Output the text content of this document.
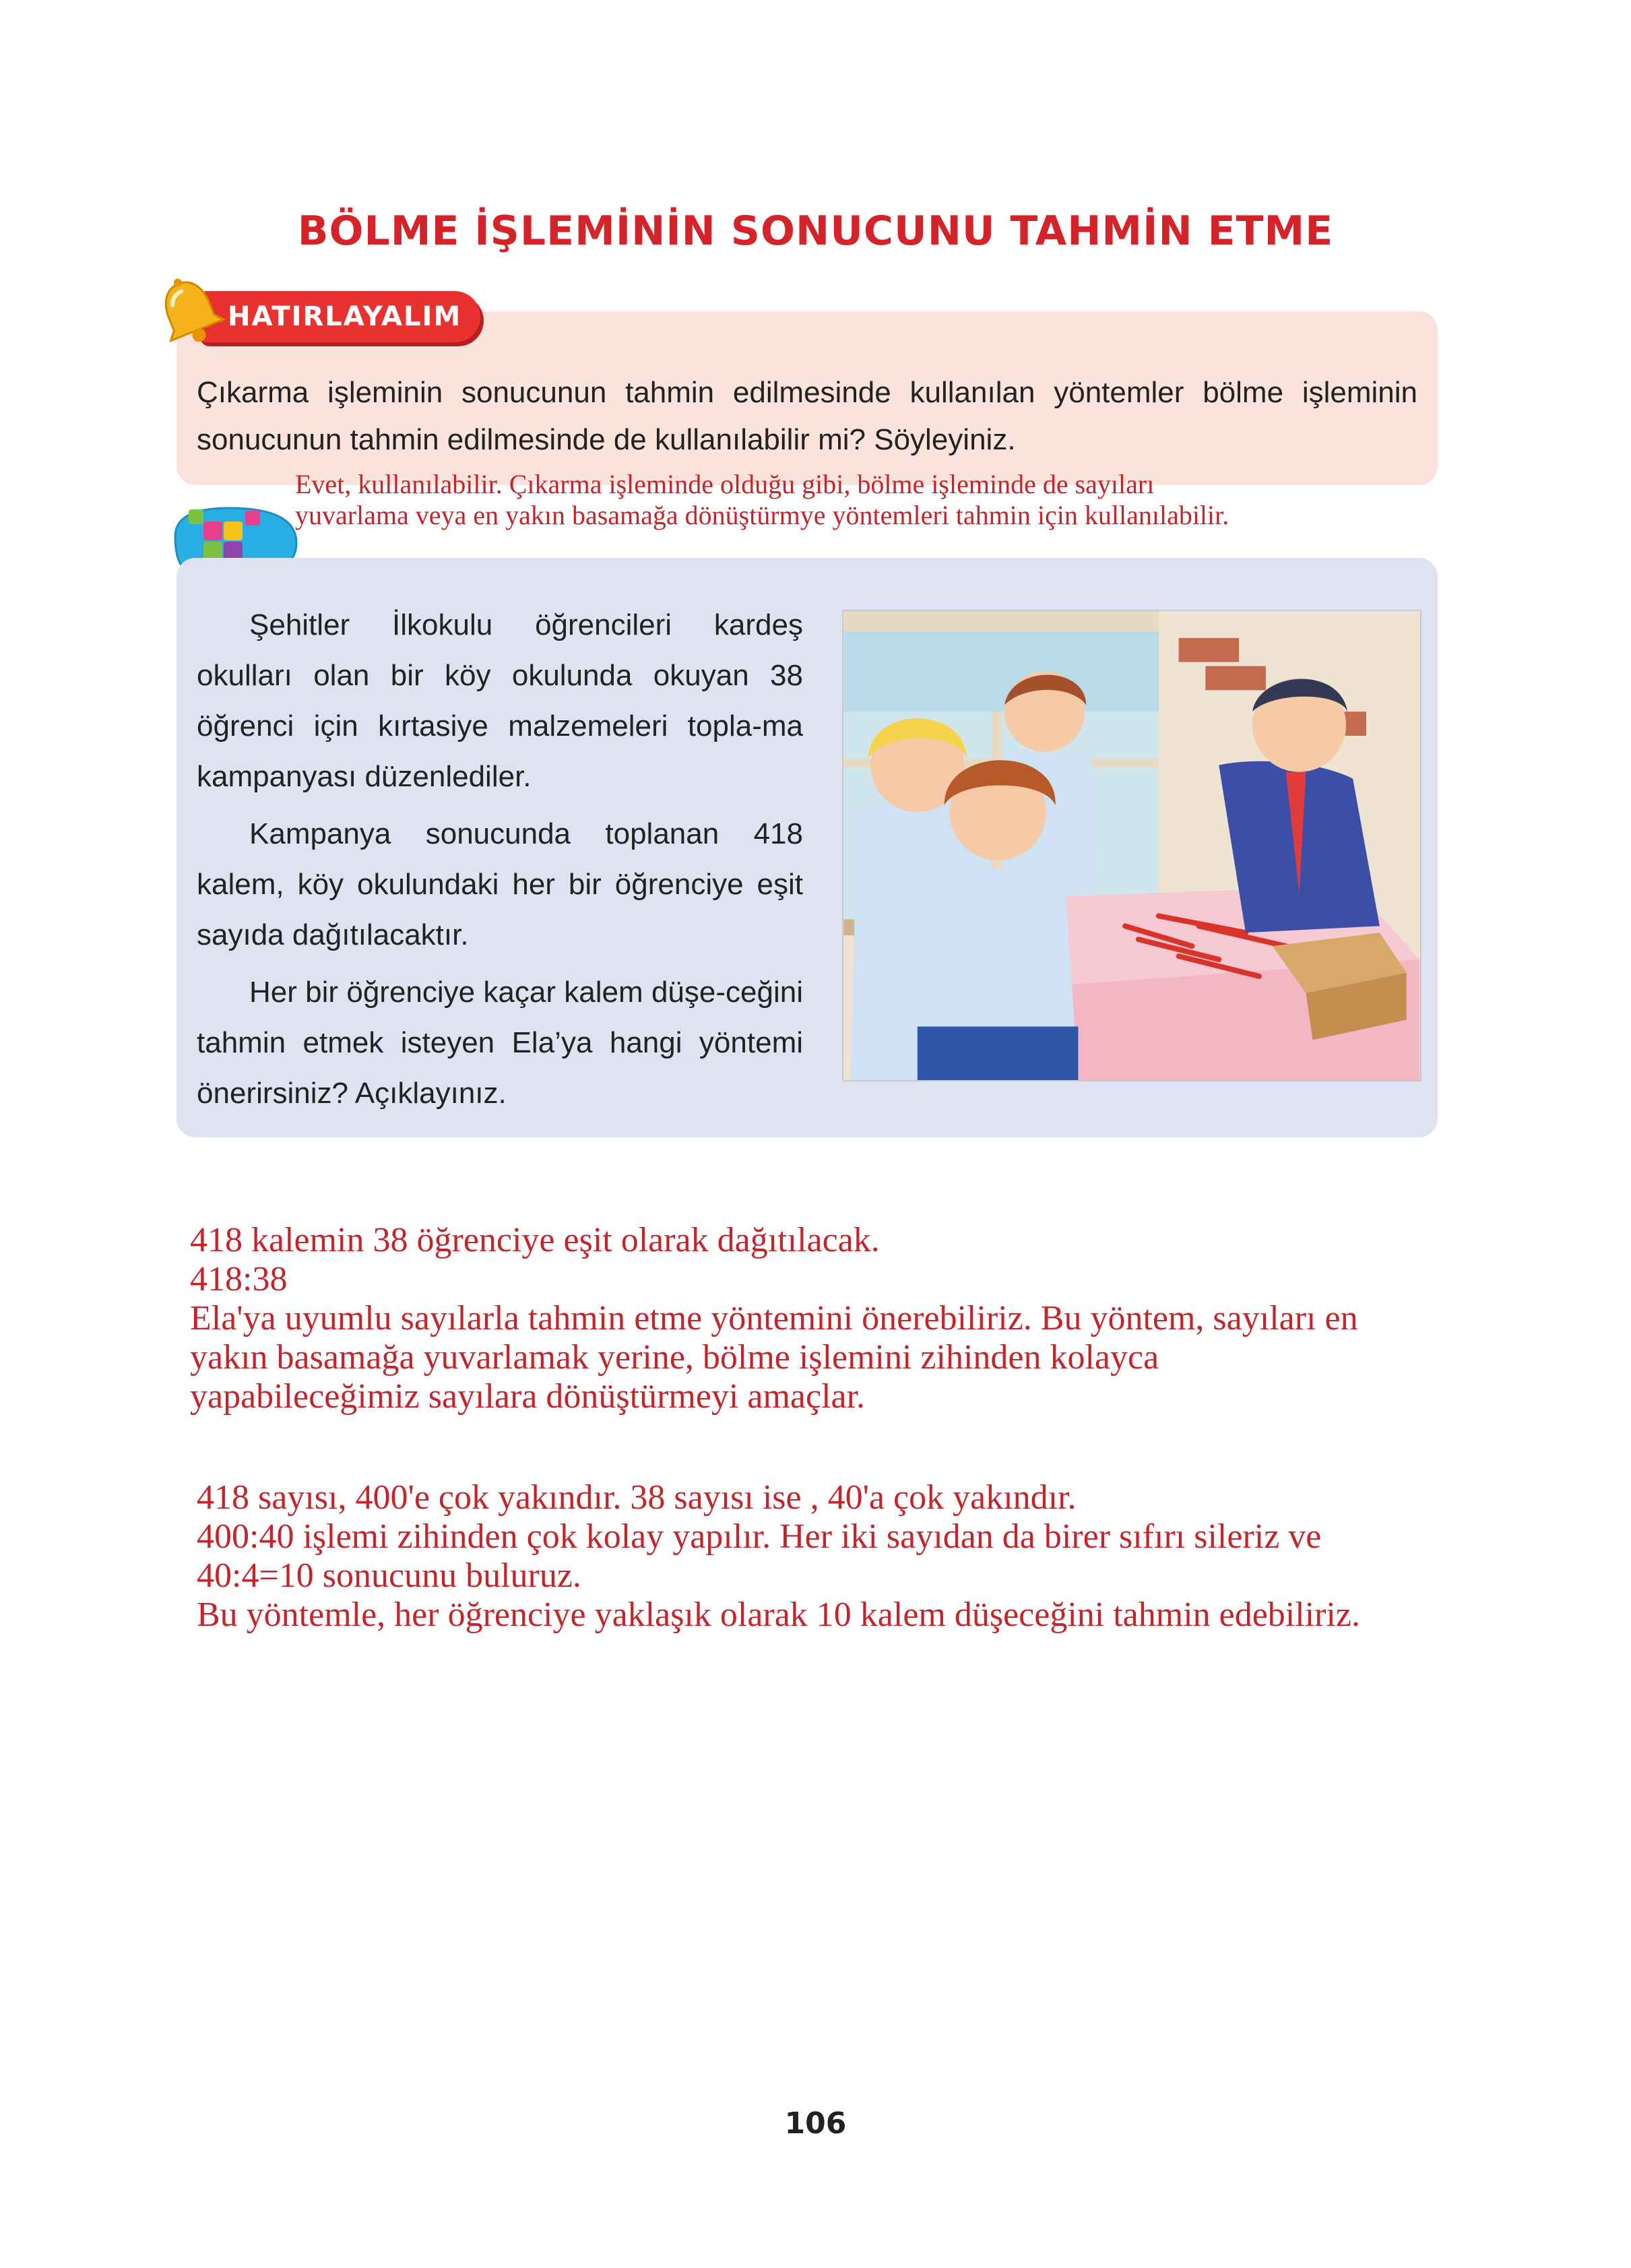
BÖLME İŞLEMİNİN SONUCUNU TAHMİN ETME
Çıkarma işleminin sonucunun tahmin edilmesinde kullanılan yöntemler bölme işleminin sonucunun tahmin edilmesinde de kullanılabilir mi? Söyleyiniz.
HATIRLAYALIM
Evet, kullanılabilir. Çıkarma işleminde olduğu gibi, bölme işleminde de sayıları
yuvarlama veya en yakın basamağa dönüştürmye yöntemleri tahmin için kullanılabilir.

Şehitler İlkokulu öğrencileri kardeş okulları olan bir köy okulunda okuyan 38 öğrenci için kırtasiye malzemeleri topla-ma kampanyası düzenlediler.

Kampanya sonucunda toplanan 418 kalem, köy okulundaki her bir öğrenciye eşit sayıda dağıtılacaktır.

Her bir öğrenciye kaçar kalem düşe-ceğini tahmin etmek isteyen Ela’ya hangi yöntemi önerirsiniz? Açıklayınız.

418 kalemin 38 öğrenciye eşit olarak dağıtılacak.
418:38
Ela'ya uyumlu sayılarla tahmin etme yöntemini önerebiliriz. Bu yöntem, sayıları en
yakın basamağa yuvarlamak yerine, bölme işlemini zihinden kolayca
yapabileceğimiz sayılara dönüştürmeyi amaçlar.
418 sayısı, 400'e çok yakındır. 38 sayısı ise , 40'a çok yakındır.
400:40 işlemi zihinden çok kolay yapılır. Her iki sayıdan da birer sıfırı sileriz ve
40:4=10 sonucunu buluruz.
Bu yöntemle, her öğrenciye yaklaşık olarak 10 kalem düşeceğini tahmin edebiliriz.
106
